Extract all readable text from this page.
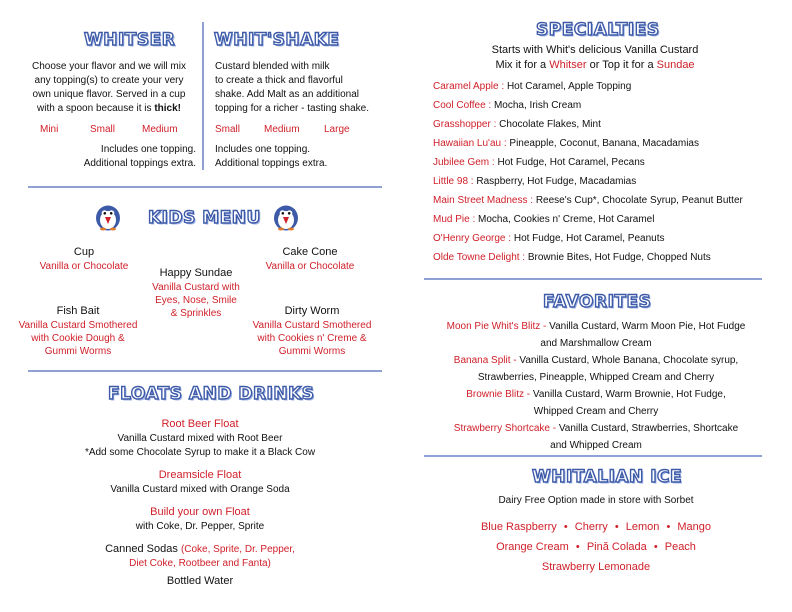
WHITSER
Choose your flavor and we will mix
any topping(s) to create your very
own unique flavor. Served in a cup
with a spoon because it is thick!
Mini	Small	Medium
Includes one topping.
Additional toppings extra.
WHIT'SHAKE
Custard blended with milk
to create a thick and flavorful
shake. Add Malt as an additional
topping for a richer - tasting shake.
Small Medium Large
Includes one topping.
Additional toppings extra.
KIDS MENU
Cup
Vanilla or Chocolate
Cake Cone
Vanilla or Chocolate
Happy Sundae
Vanilla Custard with
Eyes, Nose, Smile
& Sprinkles
Fish Bait
Vanilla Custard Smothered
with Cookie Dough &
Gummi Worms
Dirty Worm
Vanilla Custard Smothered
with Cookies n' Creme &
Gummi Worms
FLOATS AND DRINKS
Root Beer Float
Vanilla Custard mixed with Root Beer
*Add some Chocolate Syrup to make it a Black Cow
Dreamsicle Float
Vanilla Custard mixed with Orange Soda
Build your own Float
with Coke, Dr. Pepper, Sprite
Canned Sodas (Coke, Sprite, Dr. Pepper,
Diet Coke, Rootbeer and Fanta)
Bottled Water
SPECIALTIES
Starts with Whit's delicious Vanilla Custard
Mix it for a Whitser or Top it for a Sundae
Caramel Apple : Hot Caramel, Apple Topping
Cool Coffee : Mocha, Irish Cream
Grasshopper : Chocolate Flakes, Mint
Hawaiian Lu'au : Pineapple, Coconut, Banana, Macadamias
Jubilee Gem : Hot Fudge, Hot Caramel, Pecans
Little 98 : Raspberry, Hot Fudge, Macadamias
Main Street Madness : Reese's Cup*, Chocolate Syrup, Peanut Butter
Mud Pie : Mocha, Cookies n' Creme, Hot Caramel
O'Henry George : Hot Fudge, Hot Caramel, Peanuts
Olde Towne Delight : Brownie Bites, Hot Fudge, Chopped Nuts
FAVORITES
Moon Pie Whit's Blitz - Vanilla Custard, Warm Moon Pie, Hot Fudge
and Marshmallow Cream
Banana Split - Vanilla Custard, Whole Banana, Chocolate syrup,
Strawberries, Pineapple, Whipped Cream and Cherry
Brownie Blitz - Vanilla Custard, Warm Brownie, Hot Fudge,
Whipped Cream and Cherry
Strawberry Shortcake - Vanilla Custard, Strawberries, Shortcake
and Whipped Cream
WHITALIAN ICE
Dairy Free Option made in store with Sorbet
Blue Raspberry • Cherry • Lemon • Mango
Orange Cream • Pină Colada • Peach
Strawberry Lemonade
